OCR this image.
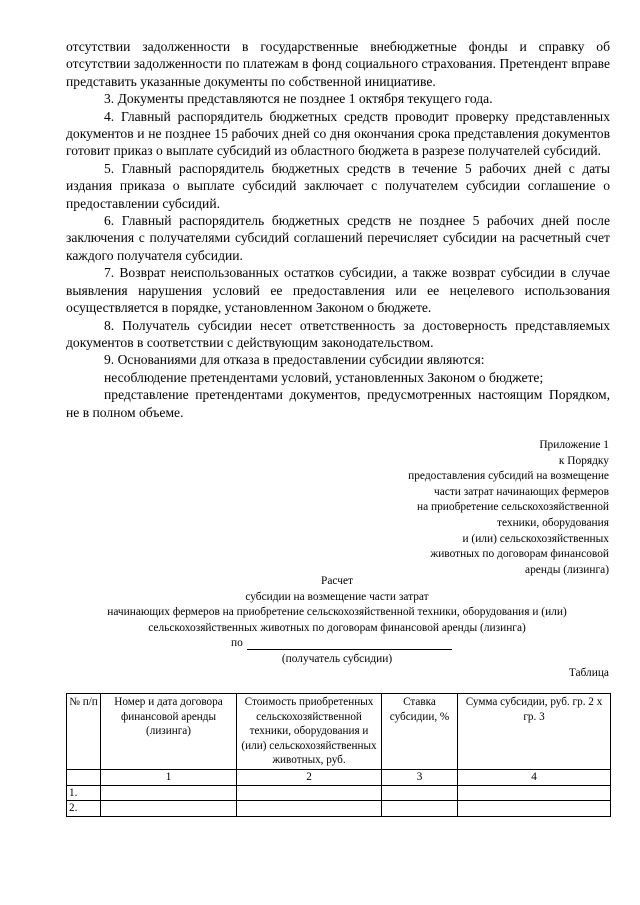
отсутствии задолженности в государственные внебюджетные фонды и справку об отсутствии задолженности по платежам в фонд социального страхования. Претендент вправе представить указанные документы по собственной инициативе.

3. Документы представляются не позднее 1 октября текущего года.

4. Главный распорядитель бюджетных средств проводит проверку представленных документов и не позднее 15 рабочих дней со дня окончания срока представления документов готовит приказ о выплате субсидий из областного бюджета в разрезе получателей субсидий.

5. Главный распорядитель бюджетных средств в течение 5 рабочих дней с даты издания приказа о выплате субсидий заключает с получателем субсидии соглашение о предоставлении субсидий.

6. Главный распорядитель бюджетных средств не позднее 5 рабочих дней после заключения с получателями субсидий соглашений перечисляет субсидии на расчетный счет каждого получателя субсидии.

7. Возврат неиспользованных остатков субсидии, а также возврат субсидии в случае выявления нарушения условий ее предоставления или ее нецелевого использования осуществляется в порядке, установленном Законом о бюджете.

8. Получатель субсидии несет ответственность за достоверность представляемых документов в соответствии с действующим законодательством.

9. Основаниями для отказа в предоставлении субсидии являются:

несоблюдение претендентами условий, установленных Законом о бюджете;

представление претендентами документов, предусмотренных настоящим Порядком, не в полном объеме.

Приложение 1
к Порядку
предоставления субсидий на возмещение
части затрат начинающих фермеров
на приобретение сельскохозяйственной
техники, оборудования
и (или) сельскохозяйственных
животных по договорам финансовой
аренды (лизинга)
Расчет
субсидии на возмещение части затрат
начинающих фермеров на приобретение сельскохозяйственной техники, оборудования и (или)
сельскохозяйственных животных по договорам финансовой аренды (лизинга)
по
(получатель субсидии)
Таблица
№ п/п	Номер и дата договора финансовой аренды (лизинга)	Стоимость приобретенных сельскохозяйственной техники, оборудования и (или) сельскохозяйственных животных, руб.	Ставка субсидии, %	Сумма субсидии, руб. гр. 2 х гр. 3
	1	2	3	4
1.				
2.				
